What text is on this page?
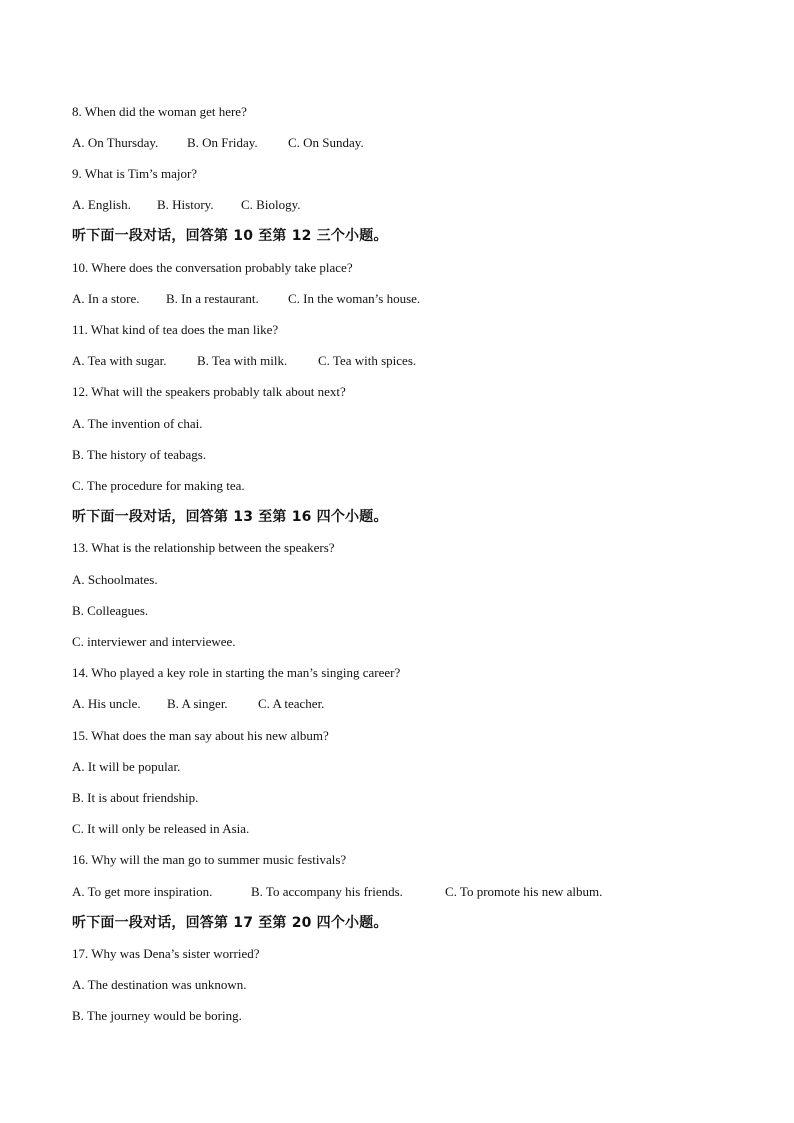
8. When did the woman get here?
A. On Thursday. B. On Friday. C. On Sunday.
9. What is Tim’s major?
A. English. B. History. C. Biology.
听下面一段对话，回答第 10 至第 12 三个小题。
10. Where does the conversation probably take place?
A. In a store. B. In a restaurant. C. In the woman’s house.
11. What kind of tea does the man like?
A. Tea with sugar. B. Tea with milk. C. Tea with spices.
12. What will the speakers probably talk about next?
A. The invention of chai.
B. The history of teabags.
C. The procedure for making tea.
听下面一段对话，回答第 13 至第 16 四个小题。
13. What is the relationship between the speakers?
A. Schoolmates.
B. Colleagues.
C. interviewer and interviewee.
14. Who played a key role in starting the man’s singing career?
A. His uncle. B. A singer. C. A teacher.
15. What does the man say about his new album?
A. It will be popular.
B. It is about friendship.
C. It will only be released in Asia.
16. Why will the man go to summer music festivals?
A. To get more inspiration.	B. To accompany his friends.	C. To promote his new album.
听下面一段对话，回答第 17 至第 20 四个小题。
17. Why was Dena’s sister worried?
A. The destination was unknown.
B. The journey would be boring.
